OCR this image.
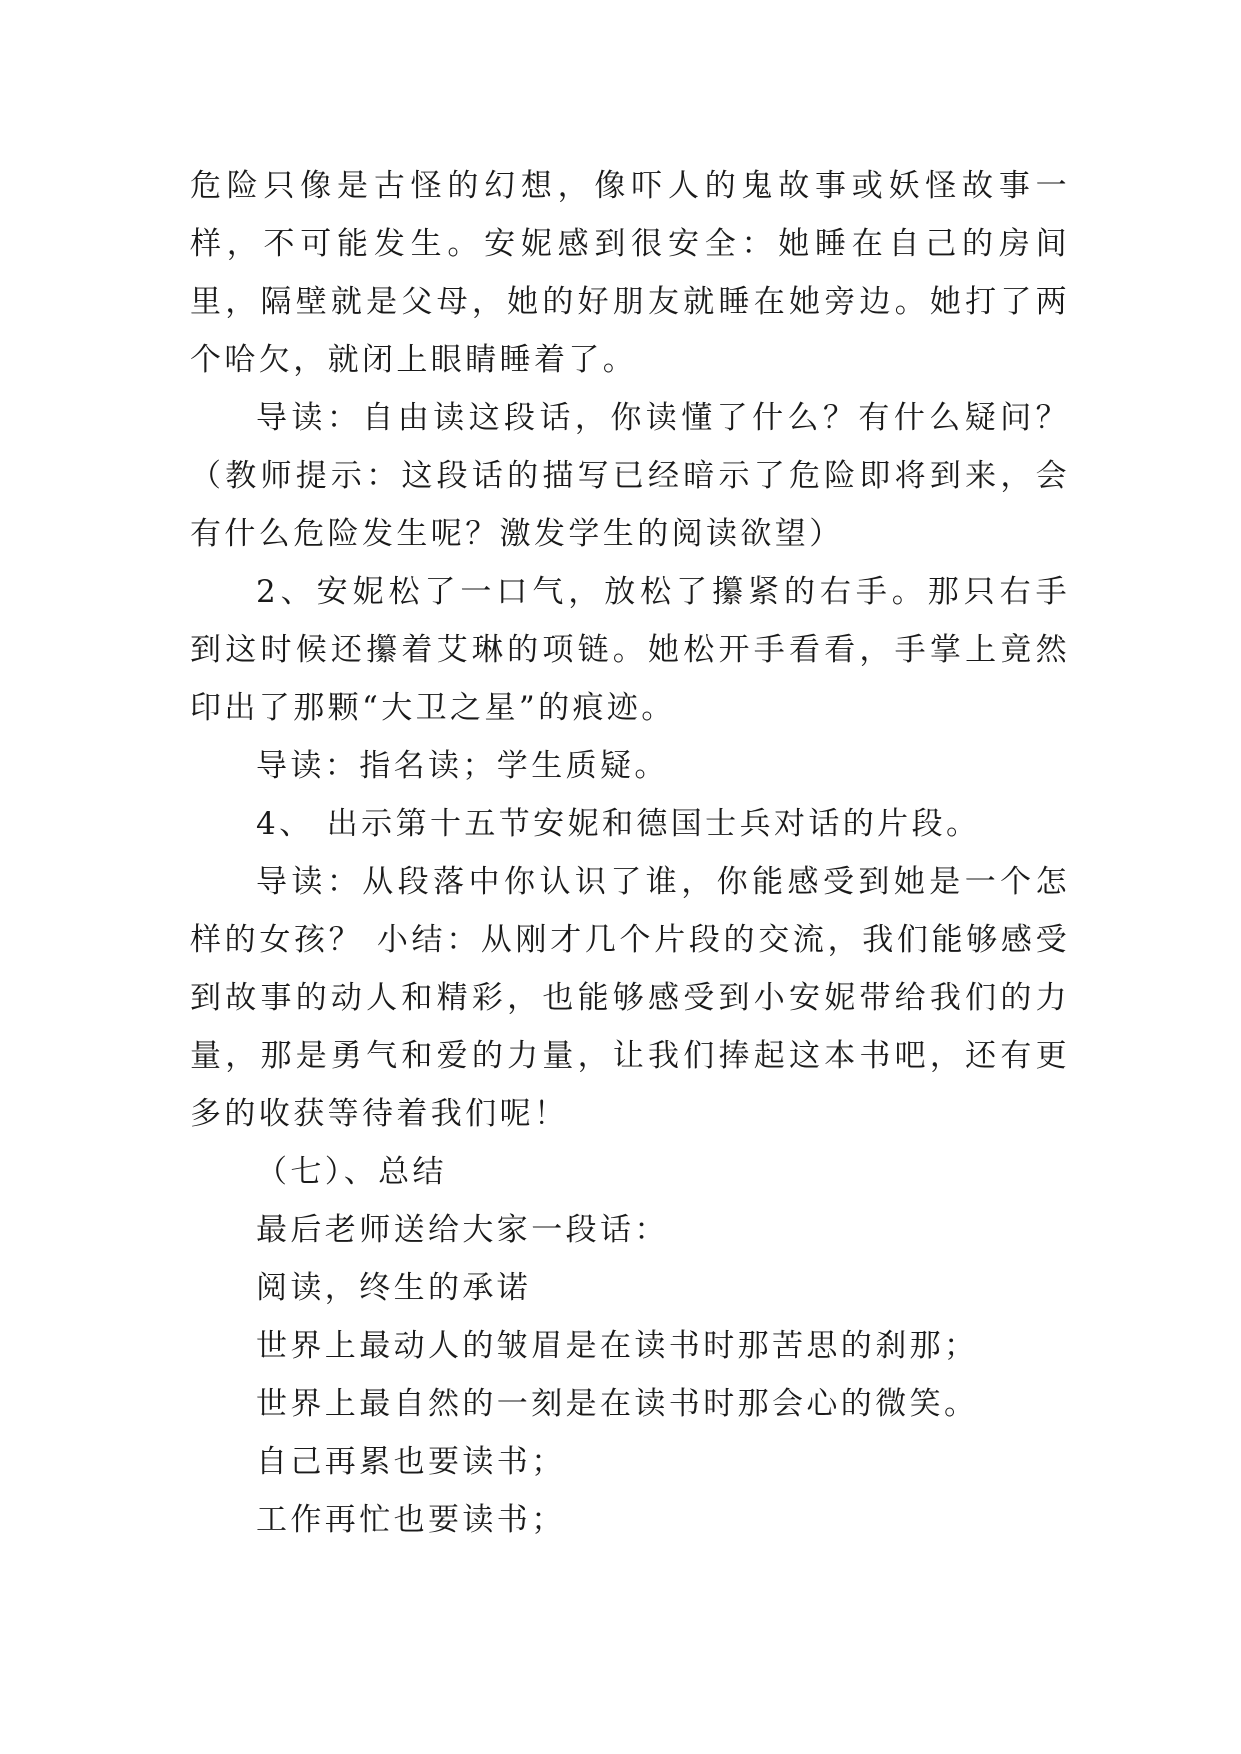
危险只像是古怪的幻想，像吓人的鬼故事或妖怪故事一样，不可能发生。安妮感到很安全：她睡在自己的房间里，隔壁就是父母，她的好朋友就睡在她旁边。她打了两个哈欠，就闭上眼睛睡着了。

导读：自由读这段话，你读懂了什么？有什么疑问？（教师提示：这段话的描写已经暗示了危险即将到来，会有什么危险发生呢？激发学生的阅读欲望）

2、安妮松了一口气，放松了攥紧的右手。那只右手到这时候还攥着艾琳的项链。她松开手看看，手掌上竟然印出了那颗“大卫之星”的痕迹。

导读：指名读；学生质疑。

4、 出示第十五节安妮和德国士兵对话的片段。

导读：从段落中你认识了谁，你能感受到她是一个怎样的女孩？ 小结：从刚才几个片段的交流，我们能够感受到故事的动人和精彩，也能够感受到小安妮带给我们的力量，那是勇气和爱的力量，让我们捧起这本书吧，还有更多的收获等待着我们呢！

（七）、总结
最后老师送给大家一段话：
阅读，终生的承诺
世界上最动人的皱眉是在读书时那苦思的刹那；
世界上最自然的一刻是在读书时那会心的微笑。
自己再累也要读书；
工作再忙也要读书；
